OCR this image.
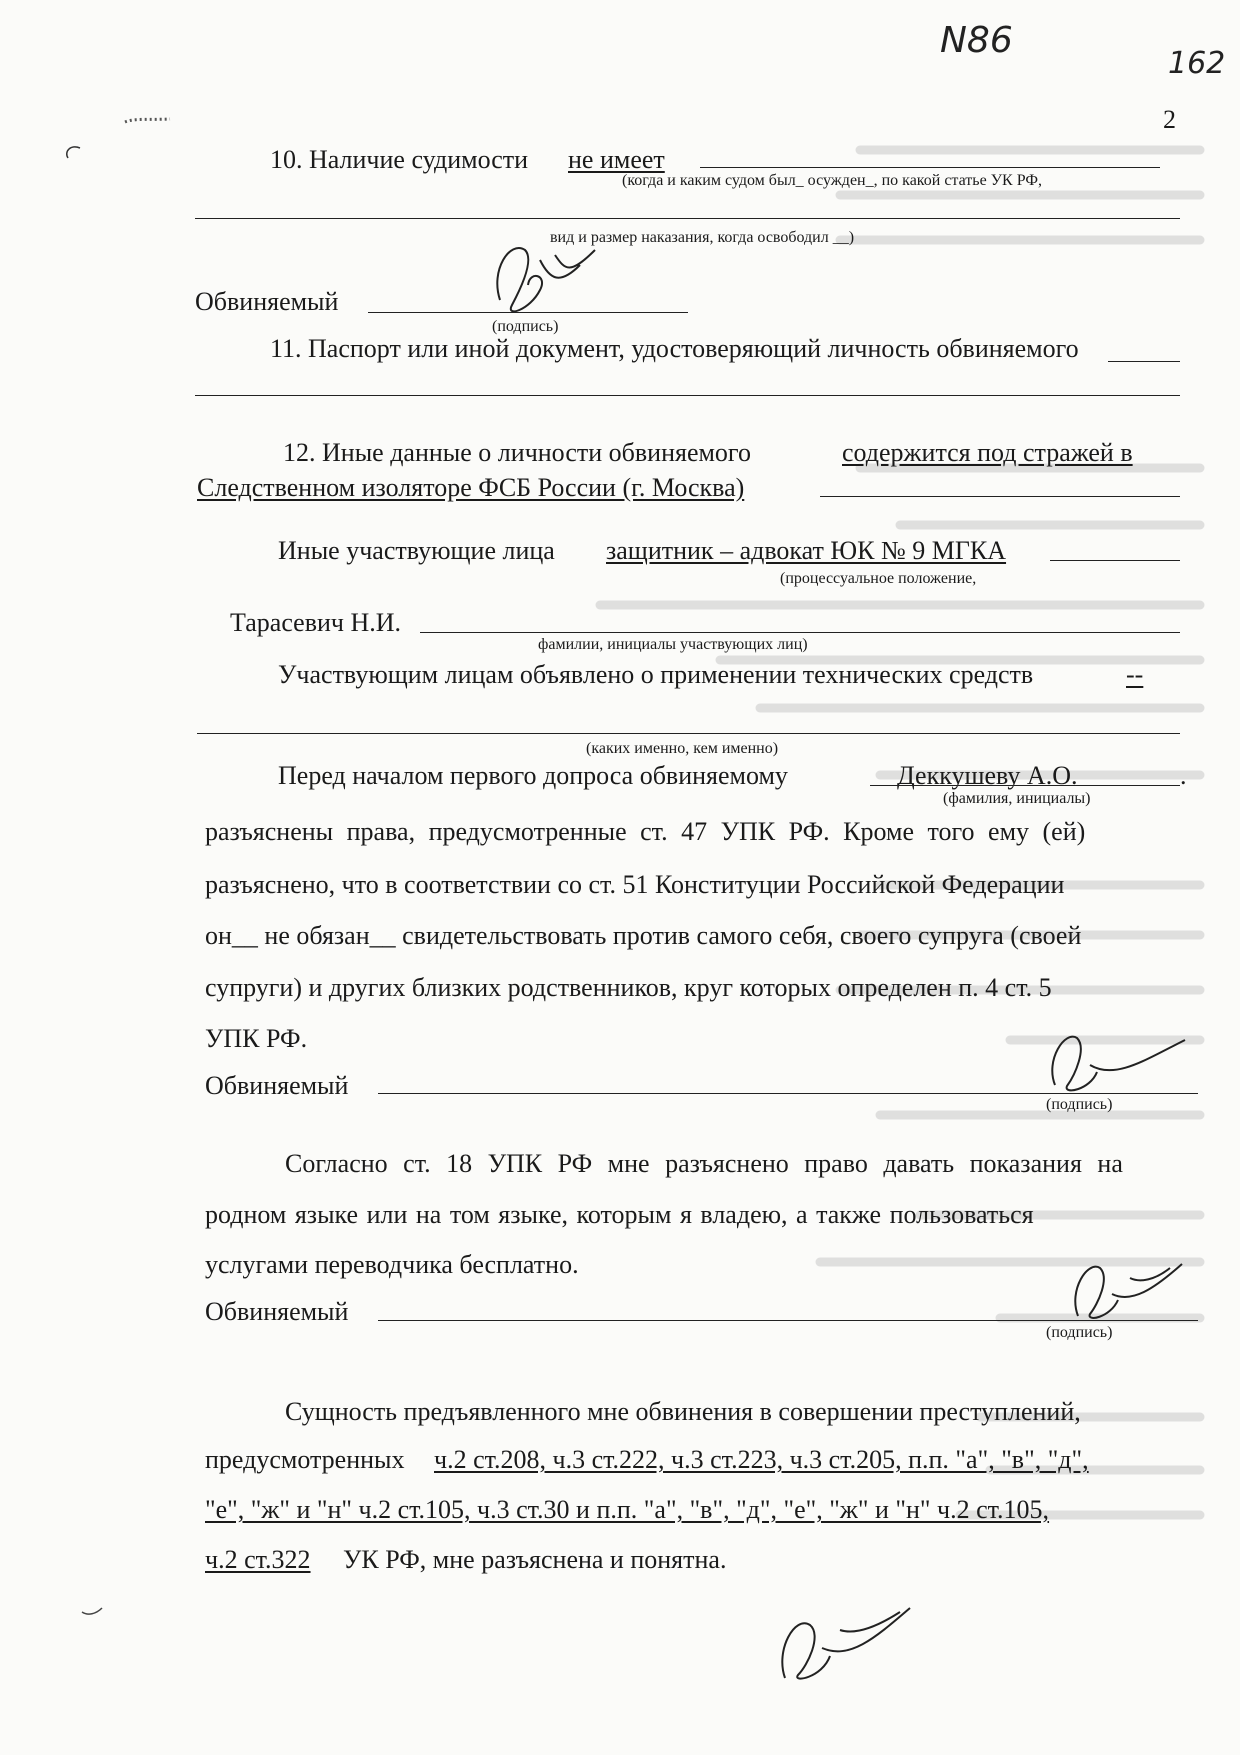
N86
162
2
10. Наличие судимости не имеет
(когда и каким судом был_ осужден_, по какой статье УК РФ,
вид и размер наказания, когда освободил __)
Обвиняемый
(подпись)
11. Паспорт или иной документ, удостоверяющий личность обвиняемого
12. Иные данные о личности обвиняемого	содержится под стражей в
Следственном изоляторе ФСБ России (г. Москва)
Иные участвующие лица защитник – адвокат ЮК № 9 МГКА
(процессуальное положение,
Тарасевич Н.И.
фамилии, инициалы участвующих лиц)
Участвующим лицам объявлено о применении технических средств	--
(каких именно, кем именно)
Перед началом первого допроса обвиняемому	Деккушеву А.О.	.
(фамилия, инициалы)
разъяснены права, предусмотренные ст. 47 УПК РФ. Кроме того ему (ей)
разъяснено, что в соответствии со ст. 51 Конституции Российской Федерации
он__ не обязан__ свидетельствовать против самого себя, своего супруга (своей
супруги) и других близких родственников, круг которых определен п. 4 ст. 5
УПК РФ.
Обвиняемый
(подпись)
Согласно ст. 18 УПК РФ мне разъяснено право давать показания на
родном языке или на том языке, которым я владею, а также пользоваться
услугами переводчика бесплатно.
Обвиняемый
(подпись)
Сущность предъявленного мне обвинения в совершении преступлений,
предусмотренных ч.2 ст.208, ч.3 ст.222, ч.3 ст.223, ч.3 ст.205, п.п. "а", "в", "д",
"е", "ж" и "н" ч.2 ст.105, ч.3 ст.30 и п.п. "а", "в", "д", "е", "ж" и "н" ч.2 ст.105,
ч.2 ст.322 УК РФ, мне разъяснена и понятна.
